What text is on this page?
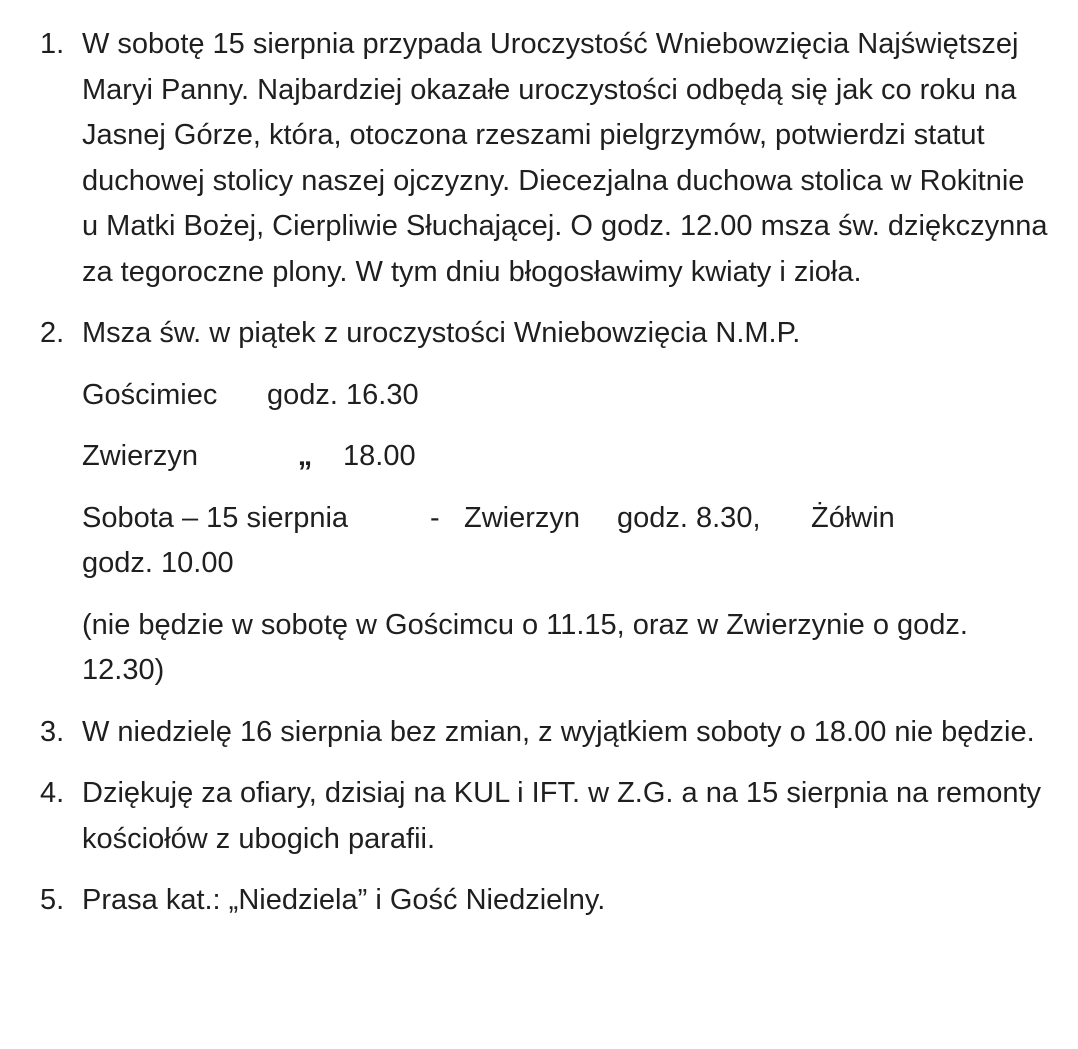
1. W sobotę 15 sierpnia przypada Uroczystość Wniebowzięcia Najświętszej Maryi Panny. Najbardziej okazałe uroczystości odbędą się jak co roku na Jasnej Górze, która, otoczona rzeszami pielgrzymów, potwierdzi statut duchowej stolicy naszej ojczyzny. Diecezjalna duchowa stolica w Rokitnie u Matki Bożej, Cierpliwie Słuchającej. O godz. 12.00 msza św. dziękczynna za tegoroczne plony. W tym dniu błogosławimy kwiaty i zioła.
2. Msza św. w piątek z uroczystości Wniebowzięcia N.M.P.
Gościmiec godz. 16.30
Zwierzyn	„ 18.00
Sobota – 15 sierpnia	- Zwierzyn godz. 8.30, Żółwingodz. 10.00
(nie będzie w sobotę w Gościmcu o 11.15, oraz w Zwierzynie o godz. 12.30)
3. W niedzielę 16 sierpnia bez zmian, z wyjątkiem soboty o 18.00 nie będzie.
4. Dziękuję za ofiary, dzisiaj na KUL i IFT. w Z.G. a na 15 sierpnia na remonty kościołów z ubogich parafii.
5. Prasa kat.: „Niedziela” i Gość Niedzielny.
